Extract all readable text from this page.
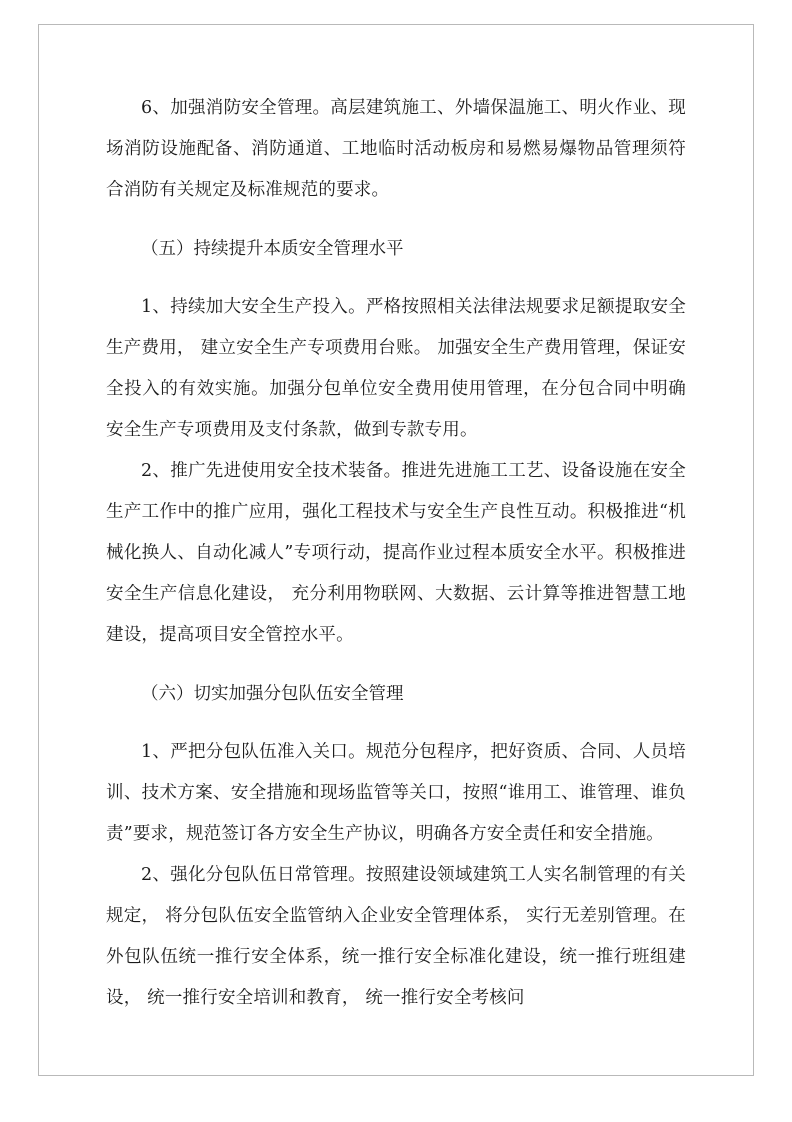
6、加强消防安全管理。高层建筑施工、外墙保温施工、明火作业、现场消防设施配备、消防通道、工地临时活动板房和易燃易爆物品管理须符合消防有关规定及标准规范的要求。

（五）持续提升本质安全管理水平

1、持续加大安全生产投入。严格按照相关法律法规要求足额提取安全生产费用， 建立安全生产专项费用台账。 加强安全生产费用管理，保证安全投入的有效实施。加强分包单位安全费用使用管理，在分包合同中明确安全生产专项费用及支付条款，做到专款专用。

2、推广先进使用安全技术装备。推进先进施工工艺、设备设施在安全生产工作中的推广应用，强化工程技术与安全生产良性互动。积极推进“机械化换人、自动化减人”专项行动，提高作业过程本质安全水平。积极推进安全生产信息化建设， 充分利用物联网、大数据、云计算等推进智慧工地建设，提高项目安全管控水平。

（六）切实加强分包队伍安全管理

1、严把分包队伍准入关口。规范分包程序，把好资质、合同、人员培训、技术方案、安全措施和现场监管等关口，按照“谁用工、谁管理、谁负责”要求，规范签订各方安全生产协议，明确各方安全责任和安全措施。

2、强化分包队伍日常管理。按照建设领域建筑工人实名制管理的有关规定， 将分包队伍安全监管纳入企业安全管理体系， 实行无差别管理。在外包队伍统一推行安全体系，统一推行安全标准化建设，统一推行班组建设， 统一推行安全培训和教育， 统一推行安全考核问
